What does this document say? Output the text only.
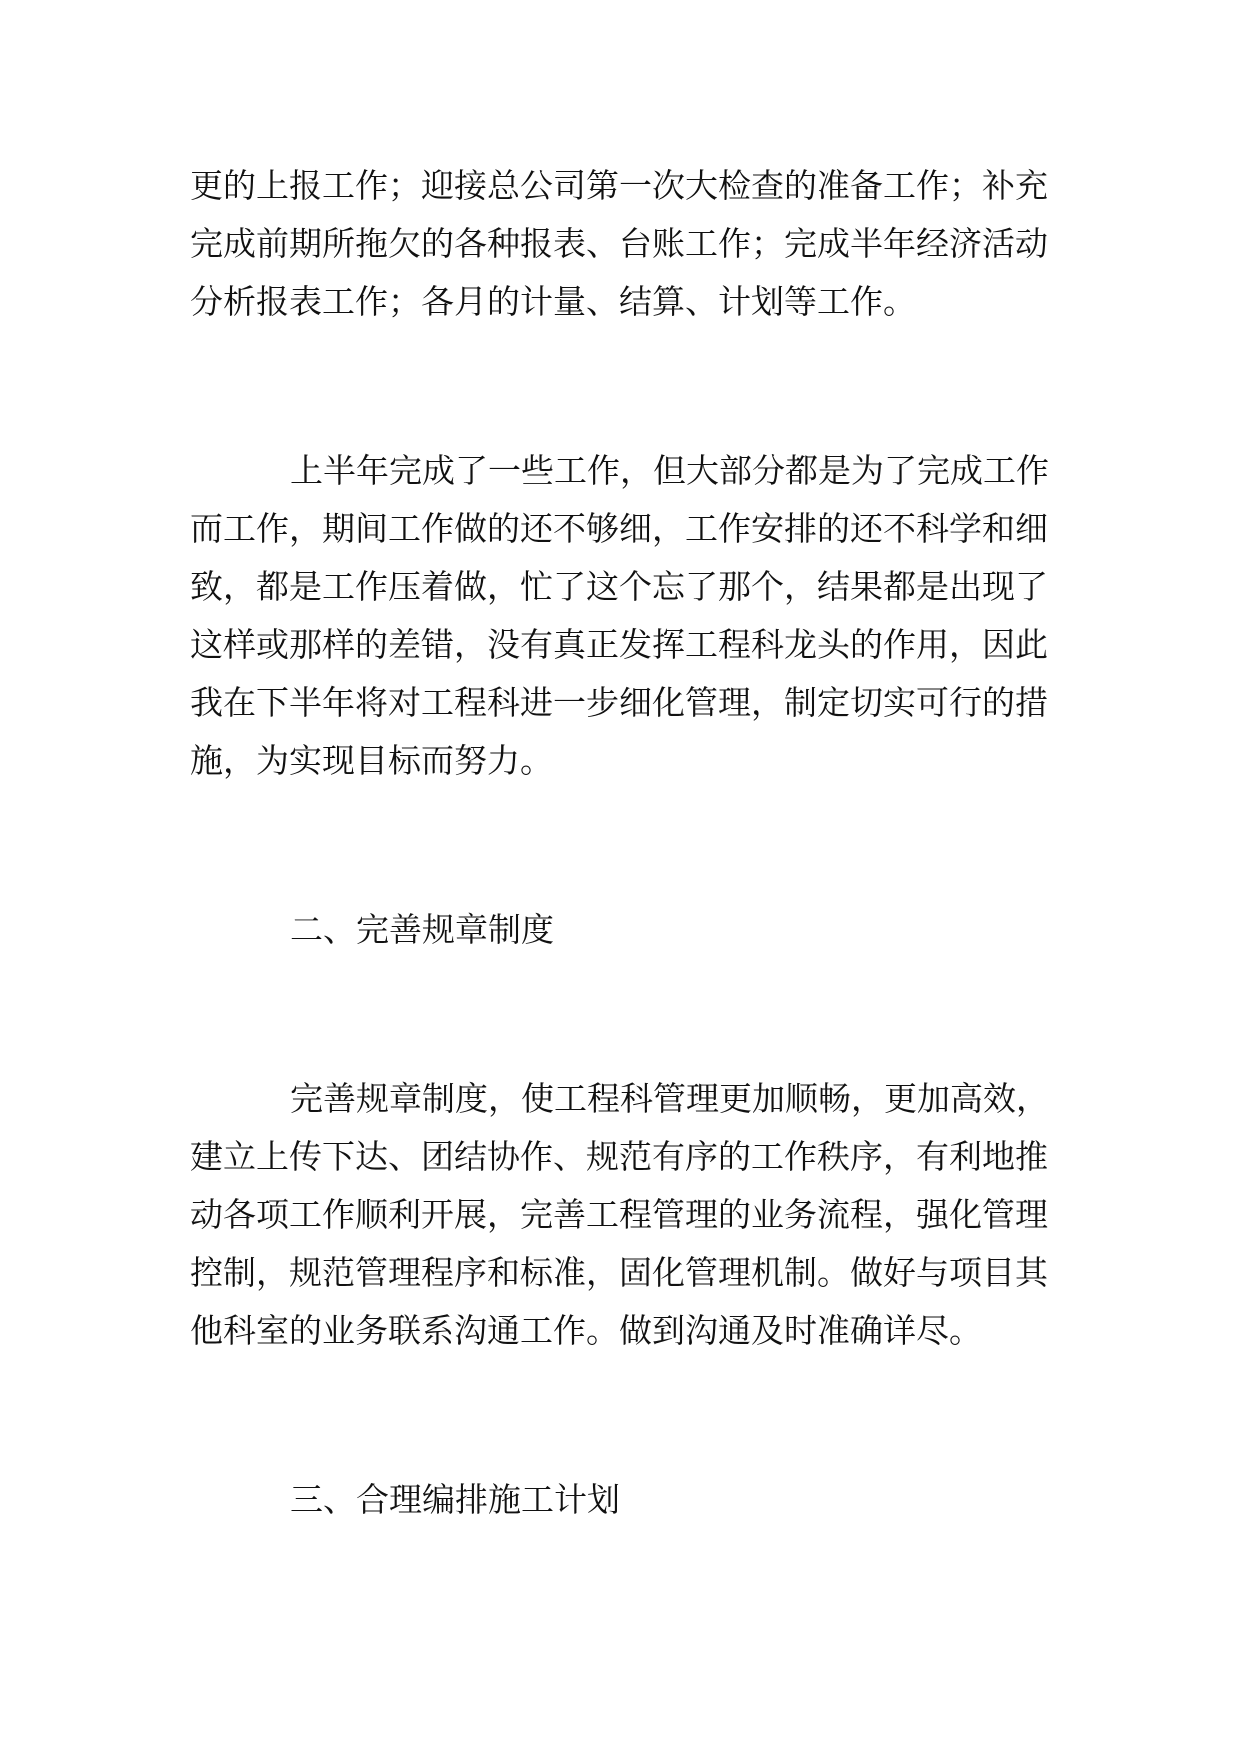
更的上报工作；迎接总公司第一次大检查的准备工作；补充

完成前期所拖欠的各种报表、台账工作；完成半年经济活动

分析报表工作；各月的计量、结算、计划等工作。

上半年完成了一些工作，但大部分都是为了完成工作

而工作，期间工作做的还不够细，工作安排的还不科学和细

致，都是工作压着做，忙了这个忘了那个，结果都是出现了

这样或那样的差错，没有真正发挥工程科龙头的作用，因此

我在下半年将对工程科进一步细化管理，制定切实可行的措

施，为实现目标而努力。

二、完善规章制度

完善规章制度，使工程科管理更加顺畅，更加高效，

建立上传下达、团结协作、规范有序的工作秩序，有利地推

动各项工作顺利开展，完善工程管理的业务流程，强化管理

控制，规范管理程序和标准，固化管理机制。做好与项目其

他科室的业务联系沟通工作。做到沟通及时准确详尽。

三、合理编排施工计划
